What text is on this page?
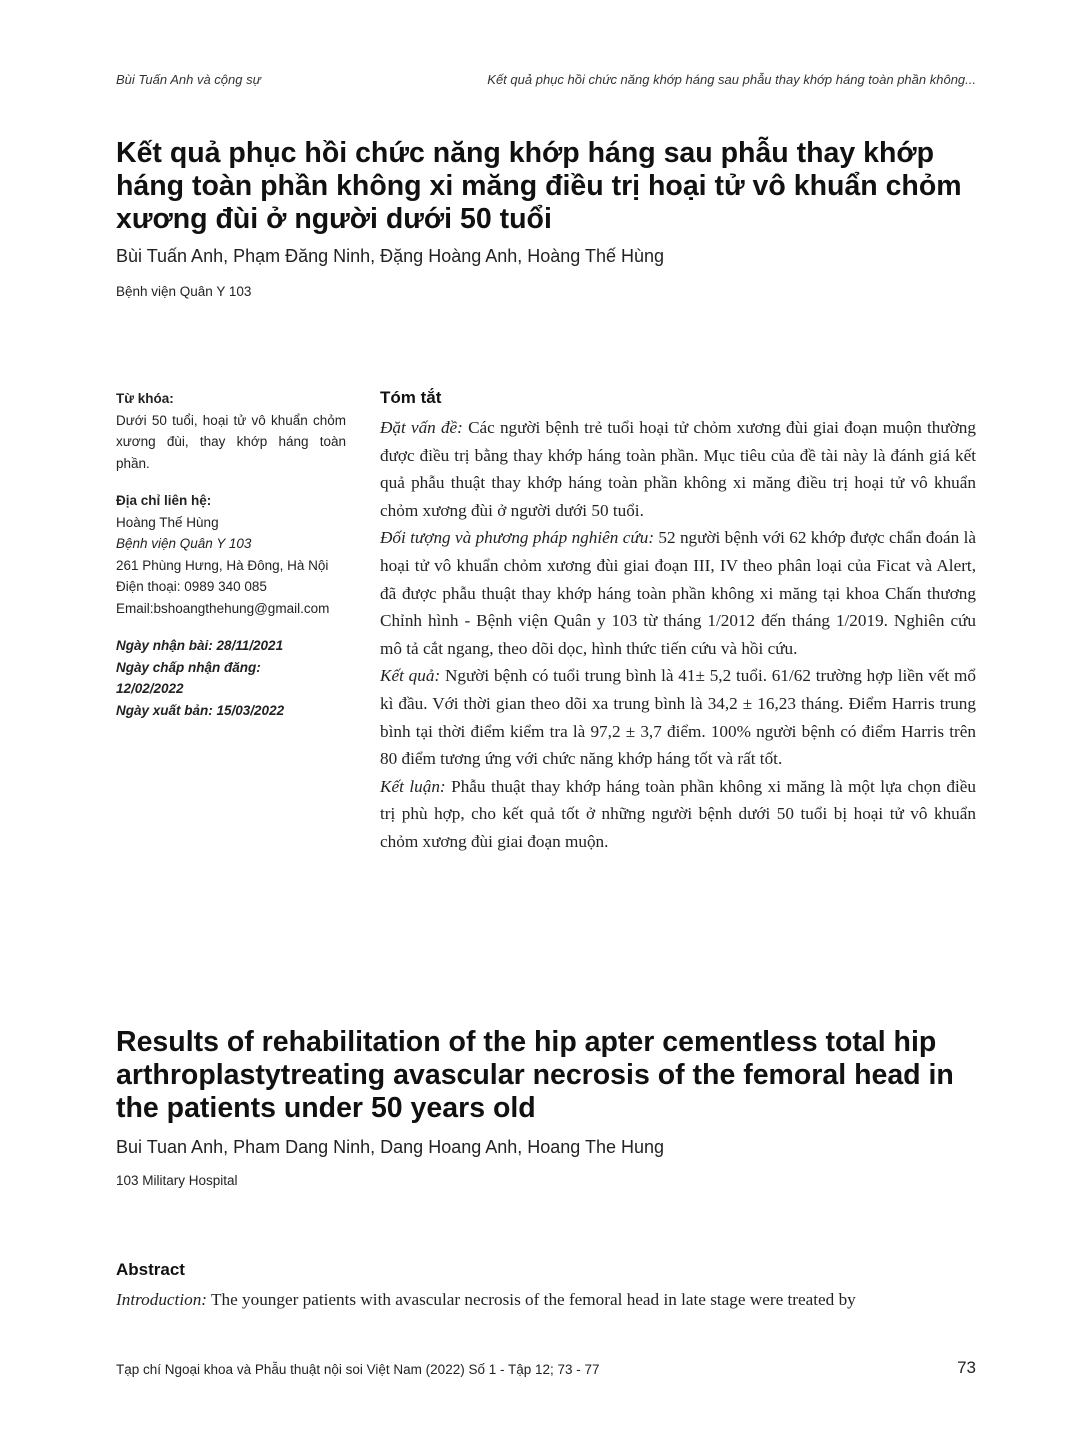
Bùi Tuấn Anh và cộng sự	Kết quả phục hồi chức năng khớp háng sau phẫu thay khớp háng toàn phần không...
Kết quả phục hồi chức năng khớp háng sau phẫu thay khớp háng toàn phần không xi măng điều trị hoại tử vô khuẩn chỏm xương đùi ở người dưới 50 tuổi
Bùi Tuấn Anh, Phạm Đăng Ninh, Đặng Hoàng Anh, Hoàng Thế Hùng
Bệnh viện Quân Y 103
Từ khóa:
Dưới 50 tuổi, hoại tử vô khuẩn chỏm xương đùi, thay khớp háng toàn phần.
Địa chỉ liên hệ:
Hoàng Thế Hùng
Bệnh viện Quân Y 103
261 Phùng Hưng, Hà Đông, Hà Nội
Điện thoại: 0989 340 085
Email:bshoangthehung@gmail.com
Ngày nhận bài: 28/11/2021
Ngày chấp nhận đăng:
12/02/2022
Ngày xuất bản: 15/03/2022
Tóm tắt

Đặt vấn đề: Các người bệnh trẻ tuổi hoại tử chỏm xương đùi giai đoạn muộn thường được điều trị bằng thay khớp háng toàn phần. Mục tiêu của đề tài này là đánh giá kết quả phẫu thuật thay khớp háng toàn phần không xi măng điều trị hoại tử vô khuẩn chỏm xương đùi ở người dưới 50 tuổi.

Đối tượng và phương pháp nghiên cứu: 52 người bệnh với 62 khớp được chẩn đoán là hoại tử vô khuẩn chỏm xương đùi giai đoạn III, IV theo phân loại của Ficat và Alert, đã được phẫu thuật thay khớp háng toàn phần không xi măng tại khoa Chấn thương Chỉnh hình - Bệnh viện Quân y 103 từ tháng 1/2012 đến tháng 1/2019. Nghiên cứu mô tả cắt ngang, theo dõi dọc, hình thức tiến cứu và hồi cứu.

Kết quả: Người bệnh có tuổi trung bình là 41± 5,2 tuổi. 61/62 trường hợp liền vết mổ kì đầu. Với thời gian theo dõi xa trung bình là 34,2 ± 16,23 tháng. Điểm Harris trung bình tại thời điểm kiểm tra là 97,2 ± 3,7 điểm. 100% người bệnh có điểm Harris trên 80 điểm tương ứng với chức năng khớp háng tốt và rất tốt.

Kết luận: Phẫu thuật thay khớp háng toàn phần không xi măng là một lựa chọn điều trị phù hợp, cho kết quả tốt ở những người bệnh dưới 50 tuổi bị hoại tử vô khuẩn chỏm xương đùi giai đoạn muộn.

Results of rehabilitation of the hip apter cementless total hip arthroplastytreating avascular necrosis of the femoral head in the patients under 50 years old
Bui Tuan Anh, Pham Dang Ninh, Dang Hoang Anh, Hoang The Hung
103 Military Hospital
Abstract

Introduction: The younger patients with avascular necrosis of the femoral head in late stage were treated by

Tạp chí Ngoại khoa và Phẫu thuật nội soi Việt Nam (2022) Số 1 - Tập 12; 73 - 77	73
